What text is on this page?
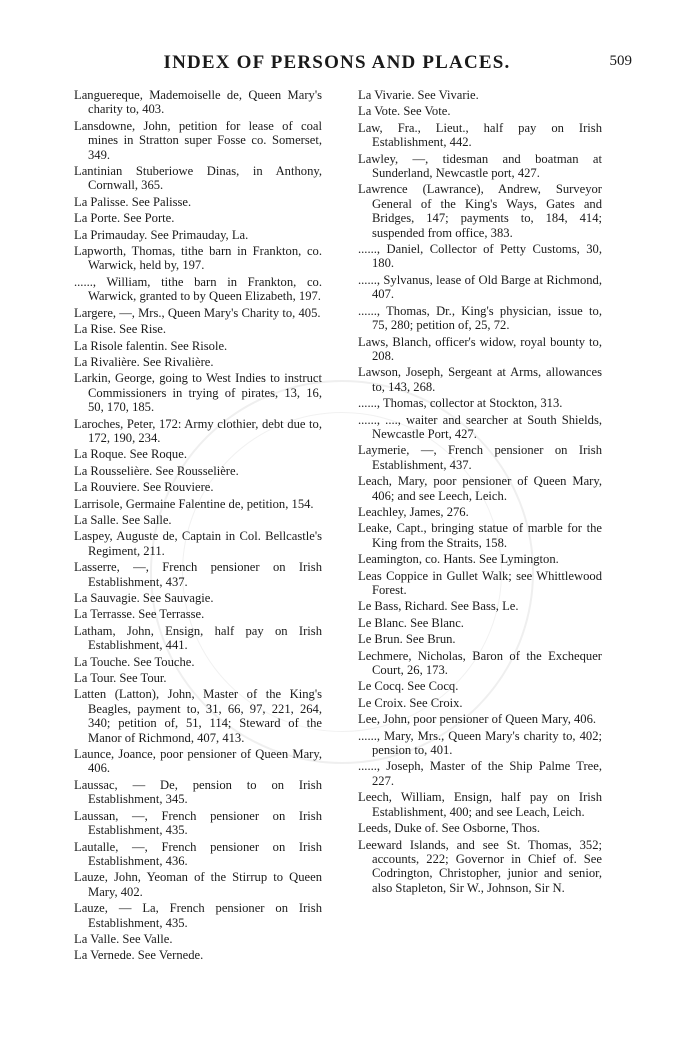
INDEX OF PERSONS AND PLACES.	509

Languereque, Mademoiselle de, Queen Mary's charity to, 403.

Lansdowne, John, petition for lease of coal mines in Stratton super Fosse co. Somerset, 349.

Lantinian Stuberiowe Dinas, in Anthony, Cornwall, 365.

La Palisse. See Palisse.

La Porte. See Porte.

La Primauday. See Primauday, La.

Lapworth, Thomas, tithe barn in Frankton, co. Warwick, held by, 197.

......, William, tithe barn in Frankton, co. Warwick, granted to by Queen Elizabeth, 197.

Largere, —, Mrs., Queen Mary's Charity to, 405.

La Rise. See Rise.

La Risole falentin. See Risole.

La Rivalière. See Rivalière.

Larkin, George, going to West Indies to instruct Commissioners in trying of pirates, 13, 16, 50, 170, 185.

Laroches, Peter, 172: Army clothier, debt due to, 172, 190, 234.

La Roque. See Roque.

La Rousselière. See Rousselière.

La Rouviere. See Rouviere.

Larrisole, Germaine Falentine de, petition, 154.

La Salle. See Salle.

Laspey, Auguste de, Captain in Col. Bellcastle's Regiment, 211.

Lasserre, —, French pensioner on Irish Establishment, 437.

La Sauvagie. See Sauvagie.

La Terrasse. See Terrasse.

Latham, John, Ensign, half pay on Irish Establishment, 441.

La Touche. See Touche.

La Tour. See Tour.

Latten (Latton), John, Master of the King's Beagles, payment to, 31, 66, 97, 221, 264, 340; petition of, 51, 114; Steward of the Manor of Richmond, 407, 413.

Launce, Joance, poor pensioner of Queen Mary, 406.

Laussac, — De, pension to on Irish Establishment, 345.

Laussan, —, French pensioner on Irish Establishment, 435.

Lautalle, —, French pensioner on Irish Establishment, 436.

Lauze, John, Yeoman of the Stirrup to Queen Mary, 402.

Lauze, — La, French pensioner on Irish Establishment, 435.

La Valle. See Valle.

La Vernede. See Vernede.

La Vivarie. See Vivarie.

La Vote. See Vote.

Law, Fra., Lieut., half pay on Irish Establishment, 442.

Lawley, —, tidesman and boatman at Sunderland, Newcastle port, 427.

Lawrence (Lawrance), Andrew, Surveyor General of the King's Ways, Gates and Bridges, 147; payments to, 184, 414; suspended from office, 383.

......, Daniel, Collector of Petty Customs, 30, 180.

......, Sylvanus, lease of Old Barge at Richmond, 407.

......, Thomas, Dr., King's physician, issue to, 75, 280; petition of, 25, 72.

Laws, Blanch, officer's widow, royal bounty to, 208.

Lawson, Joseph, Sergeant at Arms, allowances to, 143, 268.

......, Thomas, collector at Stockton, 313.

......, ...., waiter and searcher at South Shields, Newcastle Port, 427.

Laymerie, —, French pensioner on Irish Establishment, 437.

Leach, Mary, poor pensioner of Queen Mary, 406; and see Leech, Leich.

Leachley, James, 276.

Leake, Capt., bringing statue of marble for the King from the Straits, 158.

Leamington, co. Hants. See Lymington.

Leas Coppice in Gullet Walk; see Whittlewood Forest.

Le Bass, Richard. See Bass, Le.

Le Blanc. See Blanc.

Le Brun. See Brun.

Lechmere, Nicholas, Baron of the Exchequer Court, 26, 173.

Le Cocq. See Cocq.

Le Croix. See Croix.

Lee, John, poor pensioner of Queen Mary, 406.

......, Mary, Mrs., Queen Mary's charity to, 402; pension to, 401.

......, Joseph, Master of the Ship Palme Tree, 227.

Leech, William, Ensign, half pay on Irish Establishment, 400; and see Leach, Leich.

Leeds, Duke of. See Osborne, Thos.

Leeward Islands, and see St. Thomas, 352; accounts, 222; Governor in Chief of. See Codrington, Christopher, junior and senior, also Stapleton, Sir W., Johnson, Sir N.
